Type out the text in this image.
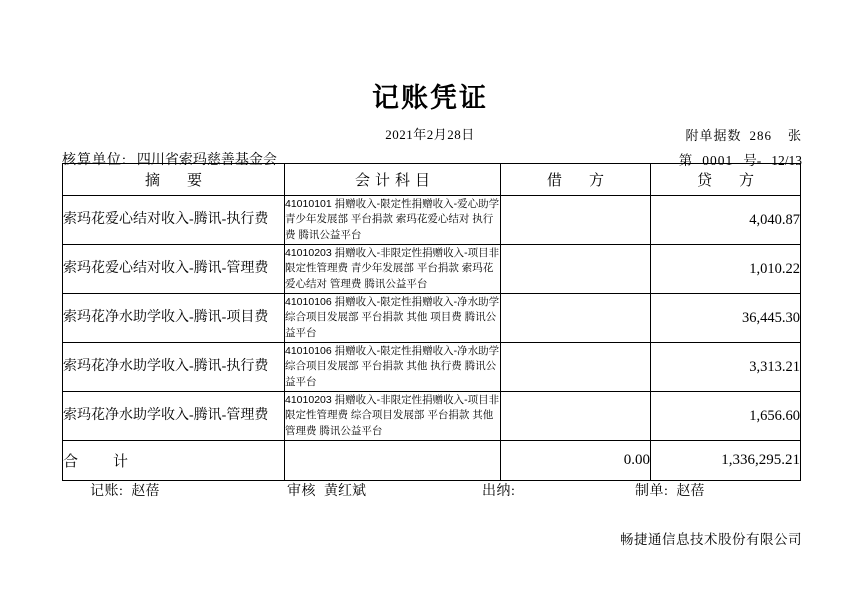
记账凭证
2021年2月28日	附单据数 286 张
核算单位: 四川省索玛慈善基金会	第 0001 号- 12/13
摘　要	会计科目	借　方	贷　方
索玛花爱心结对收入-腾讯-执行费	41010101 捐赠收入-限定性捐赠收入-爱心助学 青少年发展部 平台捐款 索玛花爱心结对 执行费 腾讯公益平台		4,040.87
索玛花爱心结对收入-腾讯-管理费	41010203 捐赠收入-非限定性捐赠收入-项目非限定性管理费 青少年发展部 平台捐款 索玛花爱心结对 管理费 腾讯公益平台		1,010.22
索玛花净水助学收入-腾讯-项目费	41010106 捐赠收入-限定性捐赠收入-净水助学 综合项目发展部 平台捐款 其他 项目费 腾讯公益平台		36,445.30
索玛花净水助学收入-腾讯-执行费	41010106 捐赠收入-限定性捐赠收入-净水助学 综合项目发展部 平台捐款 其他 执行费 腾讯公益平台		3,313.21
索玛花净水助学收入-腾讯-管理费	41010203 捐赠收入-非限定性捐赠收入-项目非限定性管理费 综合项目发展部 平台捐款 其他 管理费 腾讯公益平台		1,656.60
合　计		0.00	1,336,295.21
记账: 赵蓓	审核 黄红斌	出纳:	制单: 赵蓓
畅捷通信息技术股份有限公司
